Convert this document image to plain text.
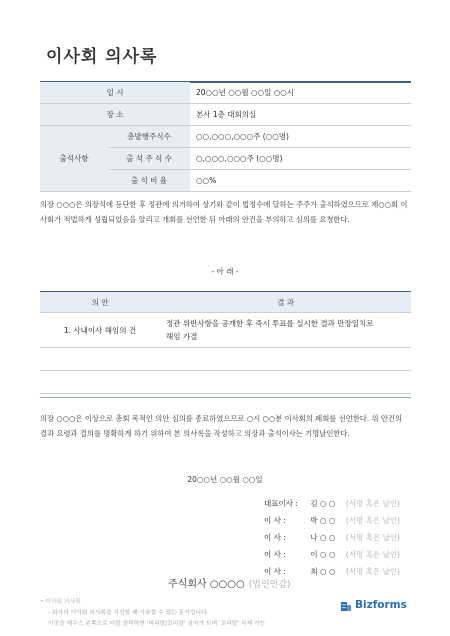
이사회 의사록
일 시		20○○년 ○○월 ○○일 ○○시
장 소		본사 1층 대회의실
출석사항	총발행주식수	○○,○○○,○○○주 (○○명)
	출 석 주 식 수	○,○○○,○○○주 (○○명)
	출 석 비 율	○○%
의장 ○○○은 의장석에 등단한 후 정관에 의거하여 상기와 같이 법정수에 달하는 주주가 출석하였으므로 제○○회 이사회가 적법하게 성립되었음을 알리고 개회를 선언한 뒤 아래의 안건을 부의하고 심의를 요청한다.
- 아 래 -
의 안	결 과
1. 사내이사 해임의 건	정관 위반사항을 공개한 후 즉시 투표를 실시한 결과 만장일치로
해임 가결

의장 ○○○은 이상으로 총회 목적인 의안 심의를 종료하였으므로 ○시 ○○분 이사회의 폐회를 선언한다. 위 안건의 결과 요령과 결의를 명확하게 하기 위하여 본 의사록을 작성하고 의장과 출석이사는 기명날인한다.
20○○년 ○○월 ○○일
대표이사 : 김 ○ ○ (서명 혹은 날인)
이 사 :	박 ○ ○ (서명 혹은 날인)
이 사 :	나 ○ ○ (서명 혹은 날인)
이 사 :	이 ○ ○ (서명 혹은 날인)
이 사 :	최 ○ ○ (서명 혹은 날인)
주식회사 ○○○○ (법인인감)
• 이사회 의사록
- 회사의 이사회 의사록을 작성할 때 사용할 수 있는 문서입니다.
이곳을 메우스 왼쪽으로 더블 클릭하면 '머리말/꼬리말' 삼자가 트며 '꼬리말' 삭제 가능
Bizforms
